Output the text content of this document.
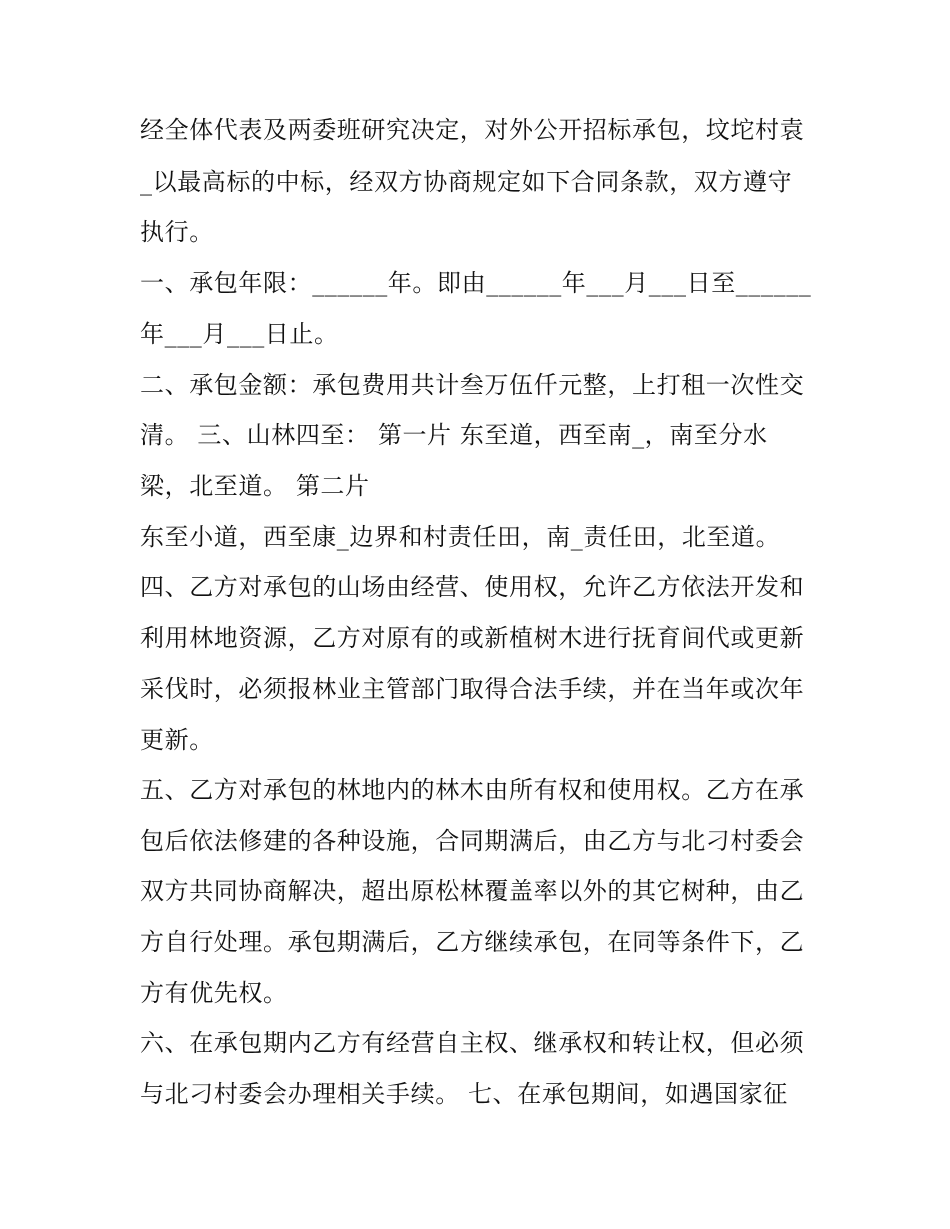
经全体代表及两委班研究决定，对外公开招标承包，坟坨村袁
_以最高标的中标，经双方协商规定如下合同条款，双方遵守
执行。
一、承包年限：______年。即由______年___月___日至______
年___月___日止。
二、承包金额：承包费用共计叁万伍仟元整，上打租一次性交
清。 三、山林四至： 第一片 东至道，西至南_，南至分水
梁，北至道。 第二片
东至小道，西至康_边界和村责任田，南_责任田，北至道。
四、乙方对承包的山场由经营、使用权，允许乙方依法开发和
利用林地资源，乙方对原有的或新植树木进行抚育间代或更新
采伐时，必须报林业主管部门取得合法手续，并在当年或次年
更新。
五、乙方对承包的林地内的林木由所有权和使用权。乙方在承
包后依法修建的各种设施，合同期满后，由乙方与北刁村委会
双方共同协商解决，超出原松林覆盖率以外的其它树种，由乙
方自行处理。承包期满后，乙方继续承包，在同等条件下，乙
方有优先权。
六、在承包期内乙方有经营自主权、继承权和转让权，但必须
与北刁村委会办理相关手续。 七、在承包期间，如遇国家征
